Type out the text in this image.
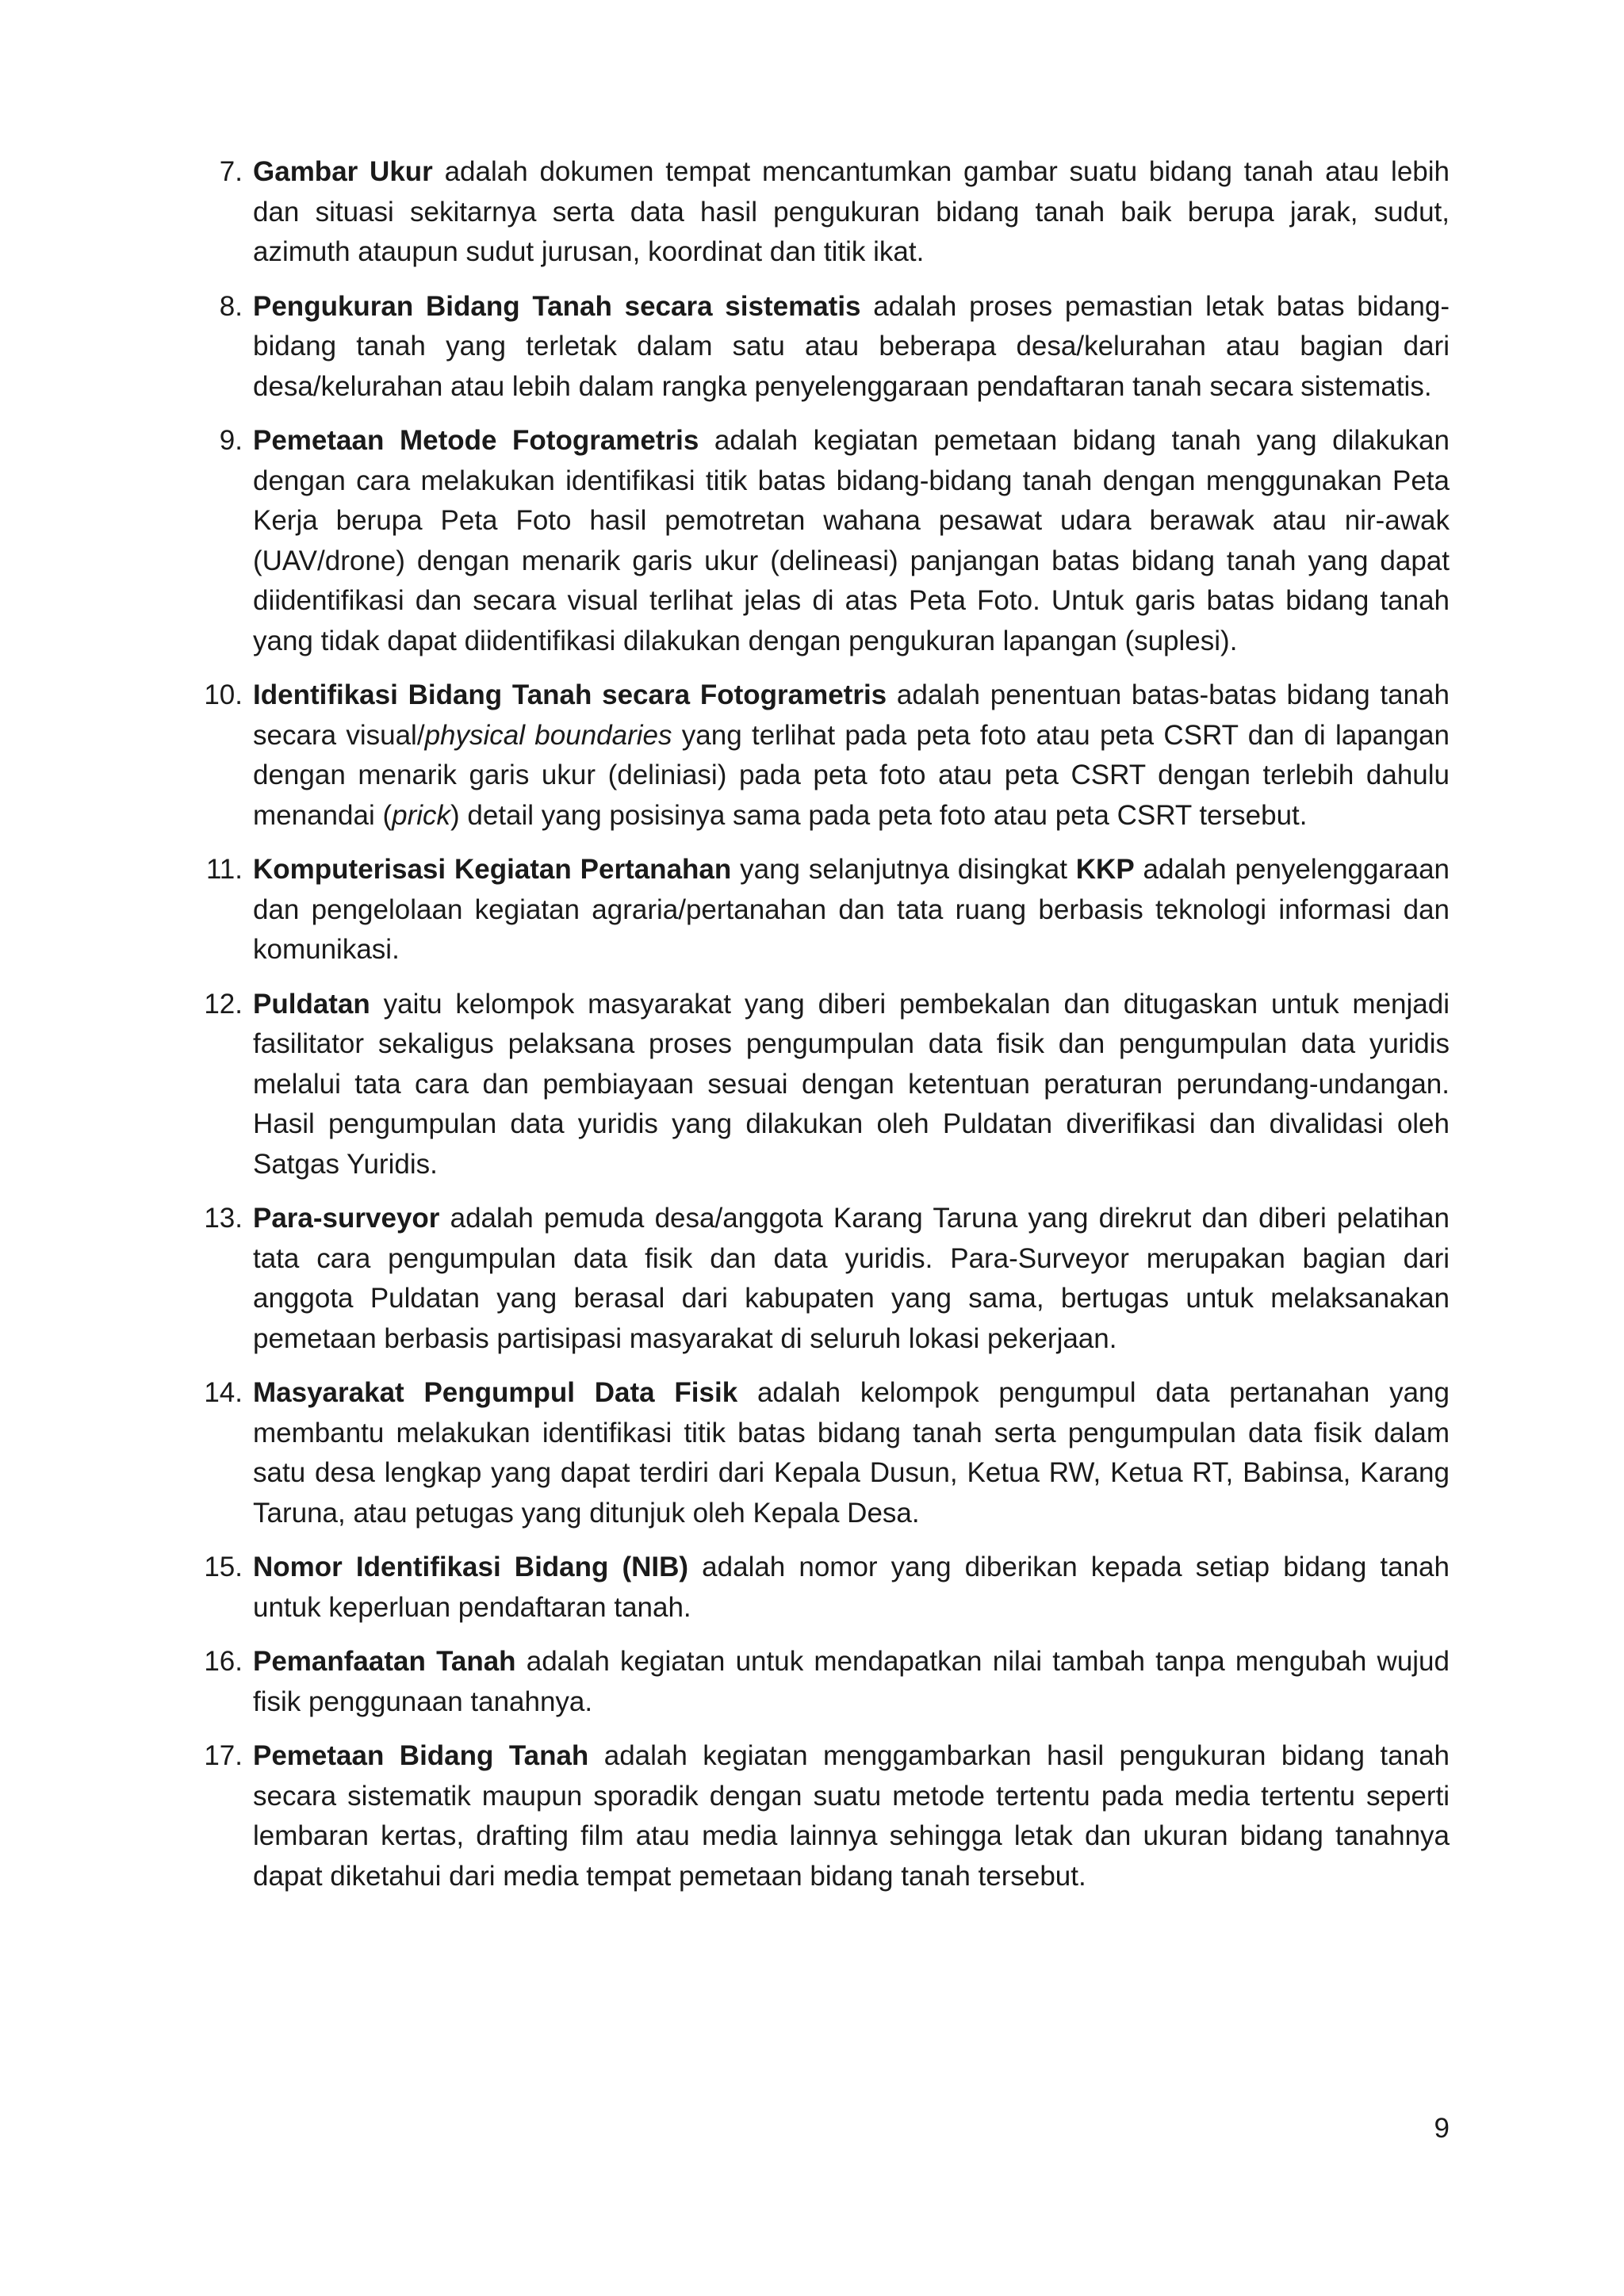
7. Gambar Ukur adalah dokumen tempat mencantumkan gambar suatu bidang tanah atau lebih dan situasi sekitarnya serta data hasil pengukuran bidang tanah baik berupa jarak, sudut, azimuth ataupun sudut jurusan, koordinat dan titik ikat.
8. Pengukuran Bidang Tanah secara sistematis adalah proses pemastian letak batas bidang-bidang tanah yang terletak dalam satu atau beberapa desa/kelurahan atau bagian dari desa/kelurahan atau lebih dalam rangka penyelenggaraan pendaftaran tanah secara sistematis.
9. Pemetaan Metode Fotogrametris adalah kegiatan pemetaan bidang tanah yang dilakukan dengan cara melakukan identifikasi titik batas bidang-bidang tanah dengan menggunakan Peta Kerja berupa Peta Foto hasil pemotretan wahana pesawat udara berawak atau nir-awak (UAV/drone) dengan menarik garis ukur (delineasi) panjangan batas bidang tanah yang dapat diidentifikasi dan secara visual terlihat jelas di atas Peta Foto. Untuk garis batas bidang tanah yang tidak dapat diidentifikasi dilakukan dengan pengukuran lapangan (suplesi).
10. Identifikasi Bidang Tanah secara Fotogrametris adalah penentuan batas-batas bidang tanah secara visual/physical boundaries yang terlihat pada peta foto atau peta CSRT dan di lapangan dengan menarik garis ukur (deliniasi) pada peta foto atau peta CSRT dengan terlebih dahulu menandai (prick) detail yang posisinya sama pada peta foto atau peta CSRT tersebut.
11. Komputerisasi Kegiatan Pertanahan yang selanjutnya disingkat KKP adalah penyelenggaraan dan pengelolaan kegiatan agraria/pertanahan dan tata ruang berbasis teknologi informasi dan komunikasi.
12. Puldatan yaitu kelompok masyarakat yang diberi pembekalan dan ditugaskan untuk menjadi fasilitator sekaligus pelaksana proses pengumpulan data fisik dan pengumpulan data yuridis melalui tata cara dan pembiayaan sesuai dengan ketentuan peraturan perundang-undangan. Hasil pengumpulan data yuridis yang dilakukan oleh Puldatan diverifikasi dan divalidasi oleh Satgas Yuridis.
13. Para-surveyor adalah pemuda desa/anggota Karang Taruna yang direkrut dan diberi pelatihan tata cara pengumpulan data fisik dan data yuridis. Para-Surveyor merupakan bagian dari anggota Puldatan yang berasal dari kabupaten yang sama, bertugas untuk melaksanakan pemetaan berbasis partisipasi masyarakat di seluruh lokasi pekerjaan.
14. Masyarakat Pengumpul Data Fisik adalah kelompok pengumpul data pertanahan yang membantu melakukan identifikasi titik batas bidang tanah serta pengumpulan data fisik dalam satu desa lengkap yang dapat terdiri dari Kepala Dusun, Ketua RW, Ketua RT, Babinsa, Karang Taruna, atau petugas yang ditunjuk oleh Kepala Desa.
15. Nomor Identifikasi Bidang (NIB) adalah nomor yang diberikan kepada setiap bidang tanah untuk keperluan pendaftaran tanah.
16. Pemanfaatan Tanah adalah kegiatan untuk mendapatkan nilai tambah tanpa mengubah wujud fisik penggunaan tanahnya.
17. Pemetaan Bidang Tanah adalah kegiatan menggambarkan hasil pengukuran bidang tanah secara sistematik maupun sporadik dengan suatu metode tertentu pada media tertentu seperti lembaran kertas, drafting film atau media lainnya sehingga letak dan ukuran bidang tanahnya dapat diketahui dari media tempat pemetaan bidang tanah tersebut.
9
